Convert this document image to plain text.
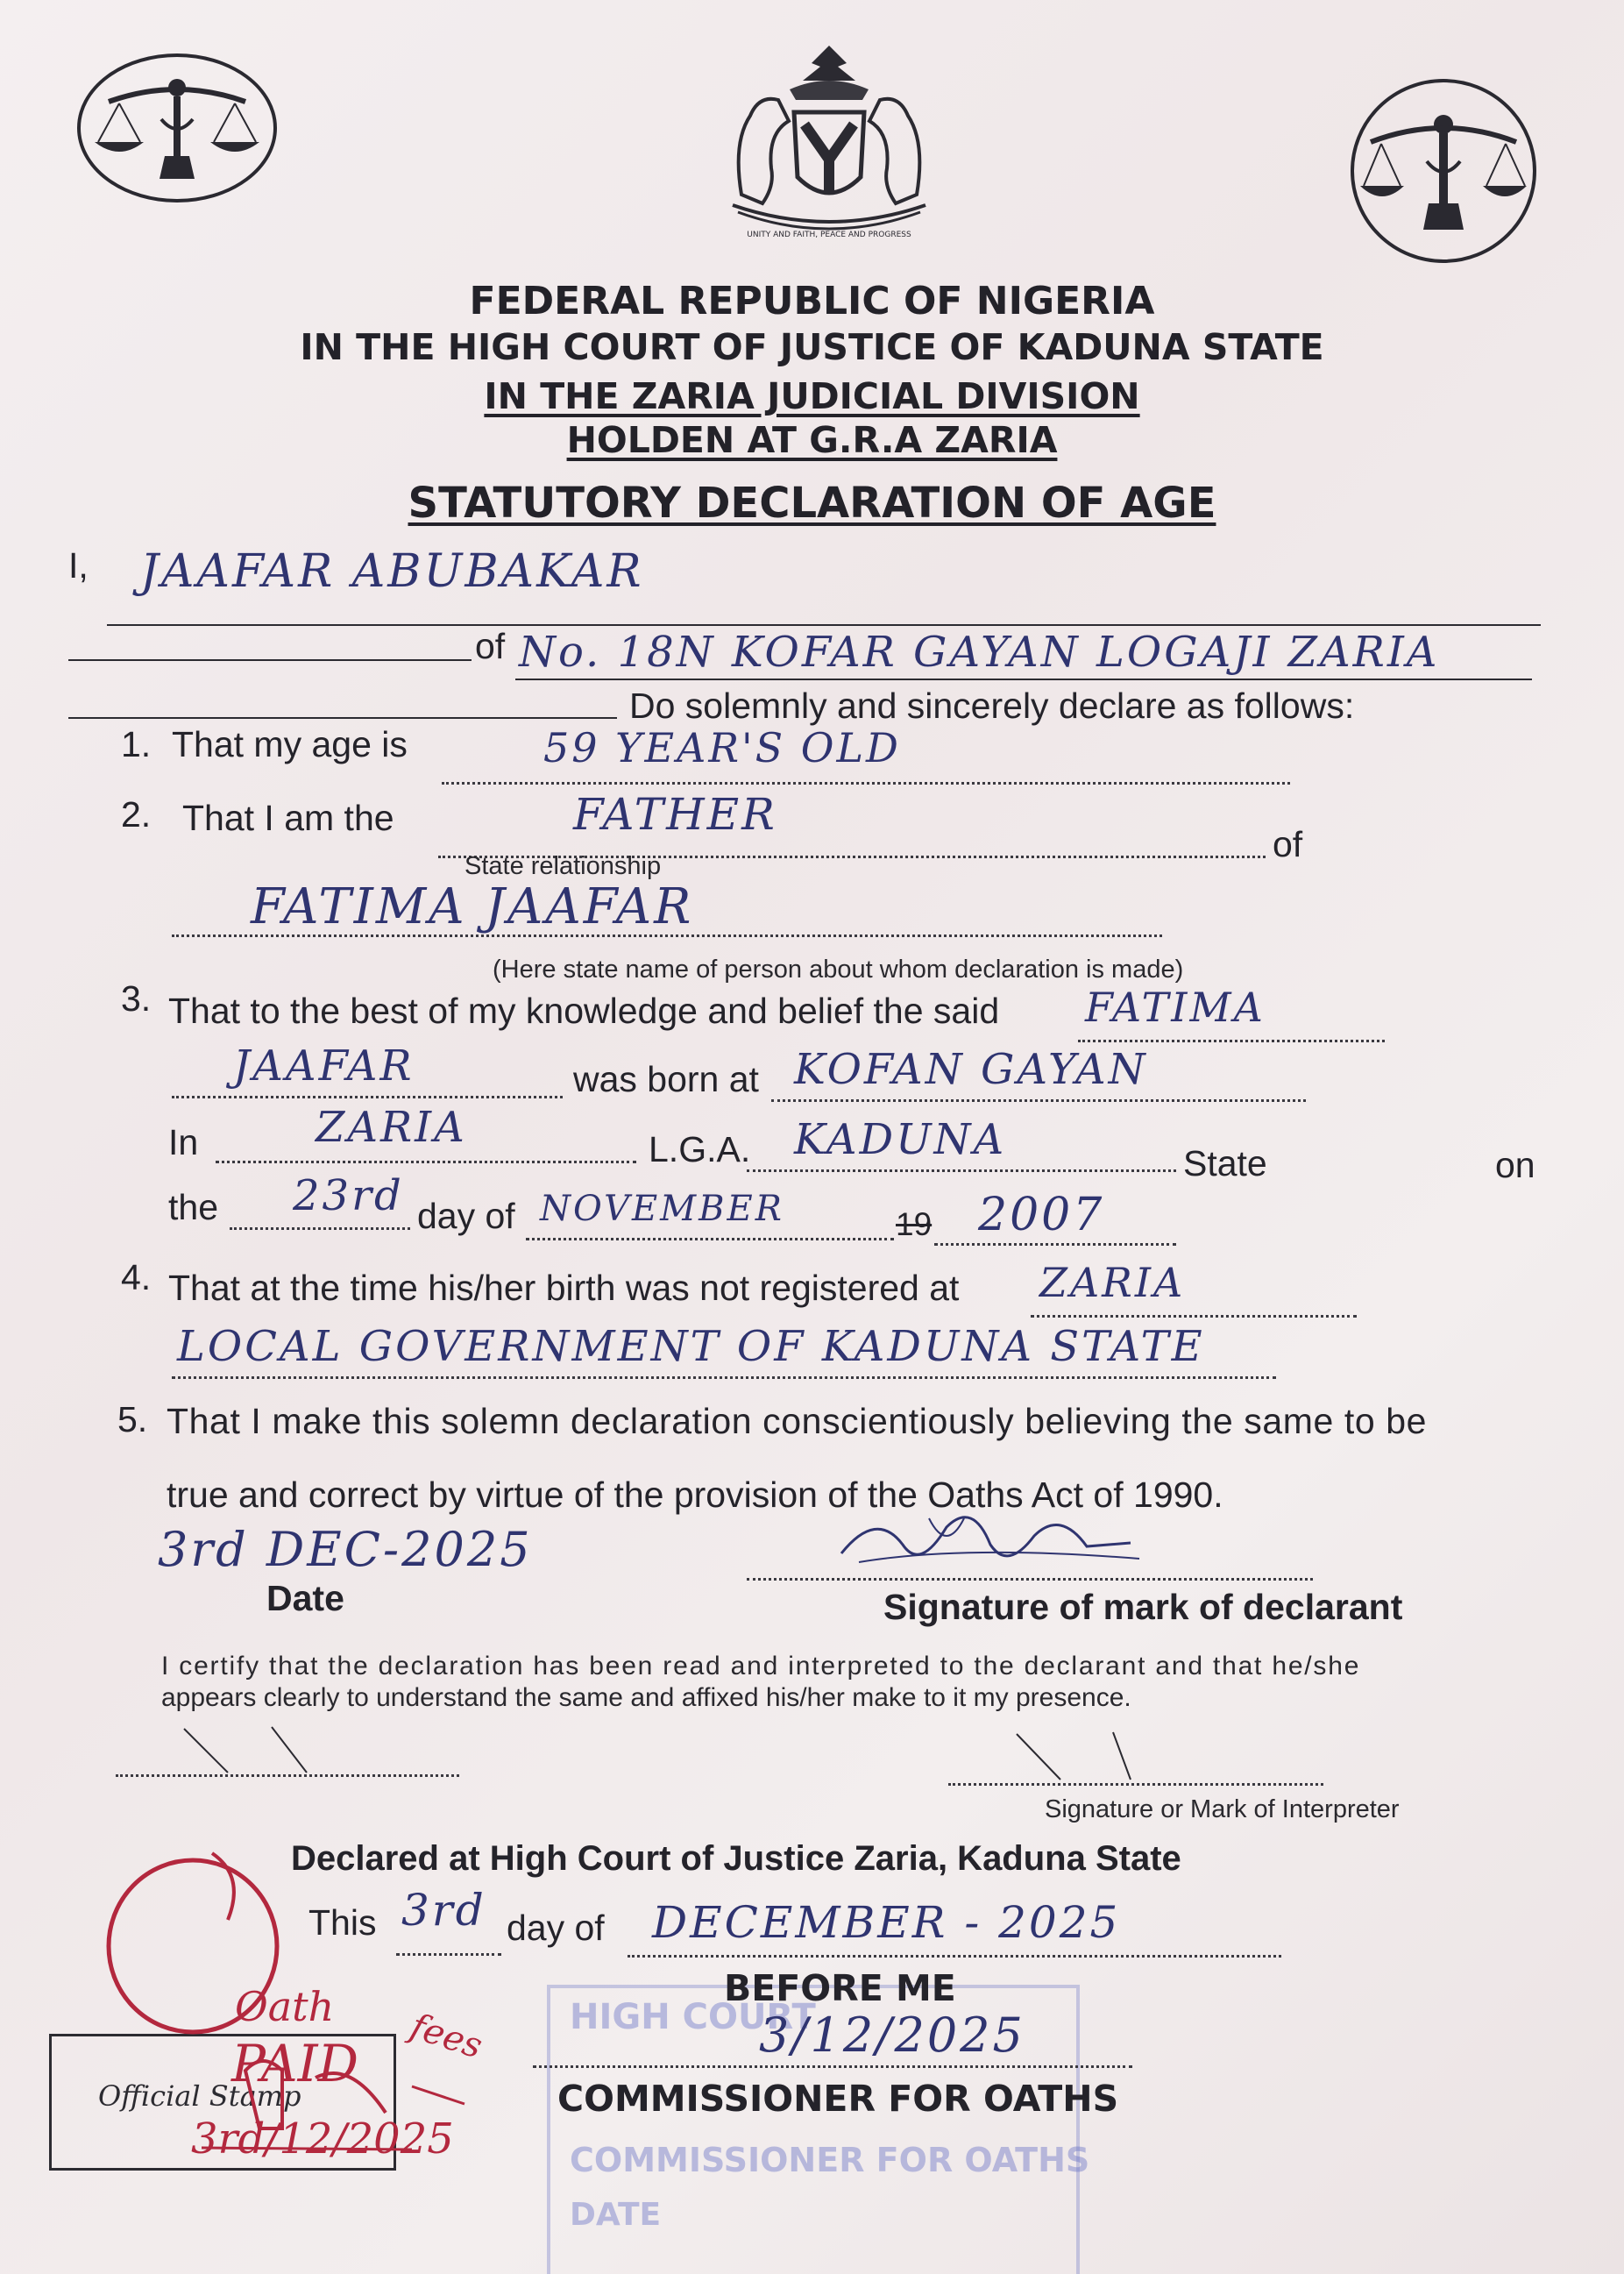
UNITY AND FAITH, PEACE AND PROGRESS
FEDERAL REPUBLIC OF NIGERIA
IN THE HIGH COURT OF JUSTICE OF KADUNA STATE
IN THE ZARIA JUDICIAL DIVISION
HOLDEN AT G.R.A ZARIA
STATUTORY DECLARATION OF AGE
I, JAAFAR ABUBAKAR
of No. 18N KOFAR GAYAN LOGAJI ZARIA
Do solemnly and sincerely declare as follows:
1. That my age is	59 YEAR'S OLD
2. That I am the	FATHER
of
State relationship
FATIMA JAAFAR
(Here state name of person about whom declaration is made)
3. That to the best of my knowledge and belief the said FATIMA
JAAFAR	was born at KOFAN GAYAN
In	ZARIA	L.G.A. KADUNA	State	on
the 23rd day of NOVEMBER	19 2007
4. That at the time his/her birth was not registered at ZARIA
LOCAL GOVERNMENT OF KADUNA STATE
5. That I make this solemn declaration conscientiously believing the same to be
true and correct by virtue of the provision of the Oaths Act of 1990.
3rd DEC-2025
Date	Signature of mark of declarant
I certify that the declaration has been read and interpreted to the declarant and that he/she
appears clearly to understand the same and affixed his/her make to it my presence.
Signature or Mark of Interpreter
Declared at High Court of Justice Zaria, Kaduna State
This 3rd day of DECEMBER - 2025
HIGH COURT
COMMISSIONER FOR OATHS
DATE
BEFORE ME
3/12/2025
COMMISSIONER FOR OATHS
Official Stamp
Oath
PAID fees
3rd/12/2025
